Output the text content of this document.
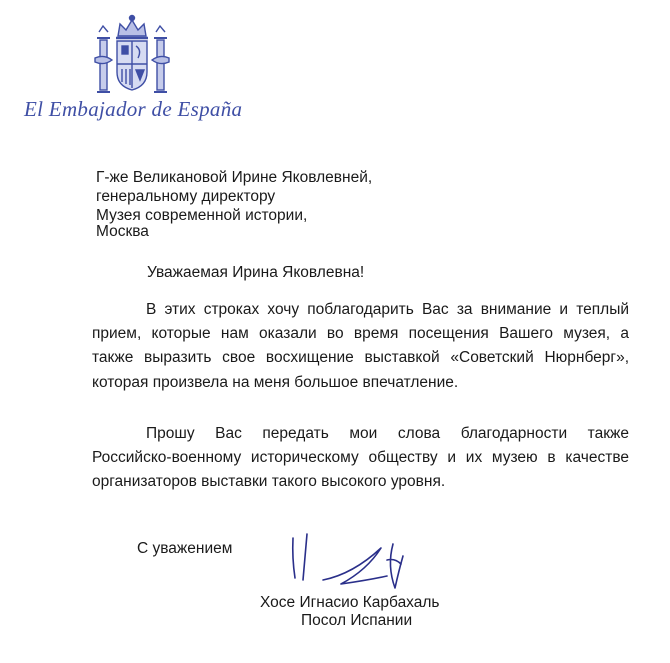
El Embajador de España
Г-же Великановой Ирине Яковлевней,
генеральному директору
Музея современной истории,
Москва
Уважаемая Ирина Яковлевна!
В этих строках хочу поблагодарить Вас за внимание и теплый
прием, которые нам оказали во время посещения Вашего музея, а
также выразить свое восхищение выставкой «Советский Нюрнберг»,
которая произвела на меня большое впечатление.
Прошу Вас передать мои слова благодарности также
Российско-военному историческому обществу и их музею в качестве
организаторов выставки такого высокого уровня.
С уважением
Хосе Игнасио Карбахаль
Посол Испании
